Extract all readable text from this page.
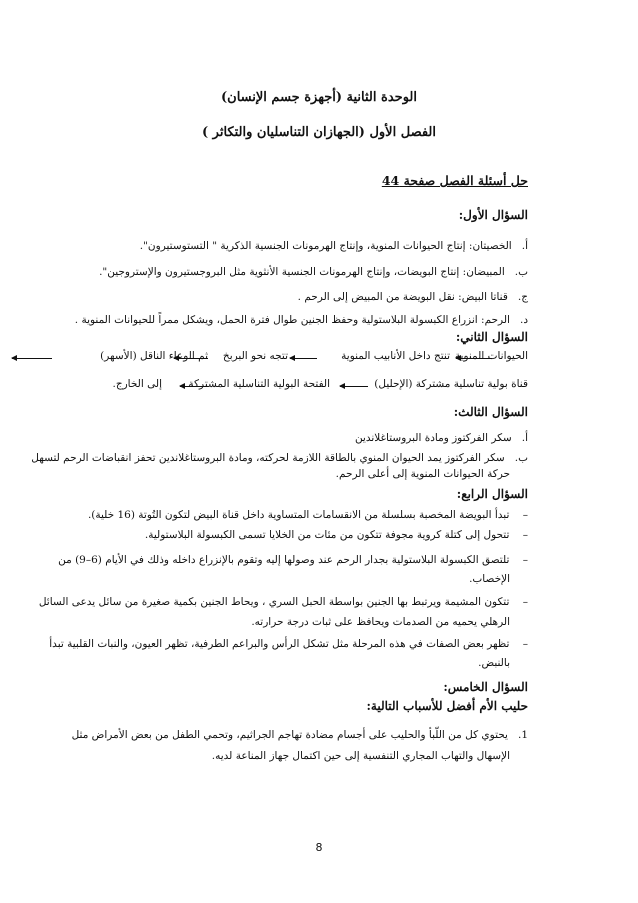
الوحدة الثانية (أجهزة جسم الإنسان)
الفصل الأول (الجهازان التناسليان والتكاثر )
حل أسئلة الفصل صفحة 44
السؤال الأول:
أ.   الخصيتان: إنتاج الحيوانات المنوية، وإنتاج الهرمونات الجنسية الذكرية " التستوستيرون".
ب.   المبيضان: إنتاج البويضات، وإنتاج الهرمونات الجنسية الأنثوية مثل البروجستيرون والإستروجين".
ج.   قناتا البيض: نقل البويضة من المبيض إلى الرحم .
د.   الرحم: انزراع الكبسولة البلاستولية وحفظ الجنين طوال فترة الحمل، ويشكل ممراً للحيوانات المنوية .
السؤال الثاني:
الحيوانات المنوية
تنتج داخل الأنابيب المنوية
تتجه نحو البربخ
ثم الوعاء الناقل (الأسهر)
قناة بولية تناسلية مشتركة (الإحليل)
الفتحة البولية التناسلية المشتركة
إلى الخارج.
السؤال الثالث:
أ.   سكر الفركتوز ومادة البروستاغلاندين
ب.   سكر الفركتوز يمد الحيوان المنوي بالطاقة اللازمة لحركته، ومادة البروستاغلاندين تحفز انقباضات الرحم لتسهل
حركة الحيوانات المنوية إلى أعلى الرحم.
السؤال الرابع:
–    تبدأ البويضة المخصبة بسلسلة من الانقسامات المتساوية داخل قناة البيض لتكون التُوتة (16 خلية).
–    تتحول إلى كتلة كروية مجوفة تتكون من مئات من الخلايا تسمى الكبسولة البلاستولية.
–    تلتصق الكبسولة البلاستولية بجدار الرحم عند وصولها إليه وتقوم بالإنزراع داخله وذلك في الأيام (6–9) من
الإخصاب.
–    تتكون المشيمة ويرتبط بها الجنين بواسطة الحبل السري ، ويحاط الجنين بكمية صغيرة من سائل يدعى السائل
الرهلي يحميه من الصدمات ويحافظ على ثبات درجة حرارته.
–    تظهر بعض الصفات في هذه المرحلة مثل تشكل الرأس والبراعم الطرفية، تظهر العيون، والنبات القلبية تبدأ
بالنبض.
السؤال الخامس:
حليب الأم أفضل للأسباب التالية:
1.   يحتوي كل من اللّبأ والحليب على أجسام مضادة تهاجم الجراثيم، وتحمي الطفل من بعض الأمراض مثل
الإسهال والتهاب المجاري التنفسية إلى حين اكتمال جهاز المناعة لديه.
8
